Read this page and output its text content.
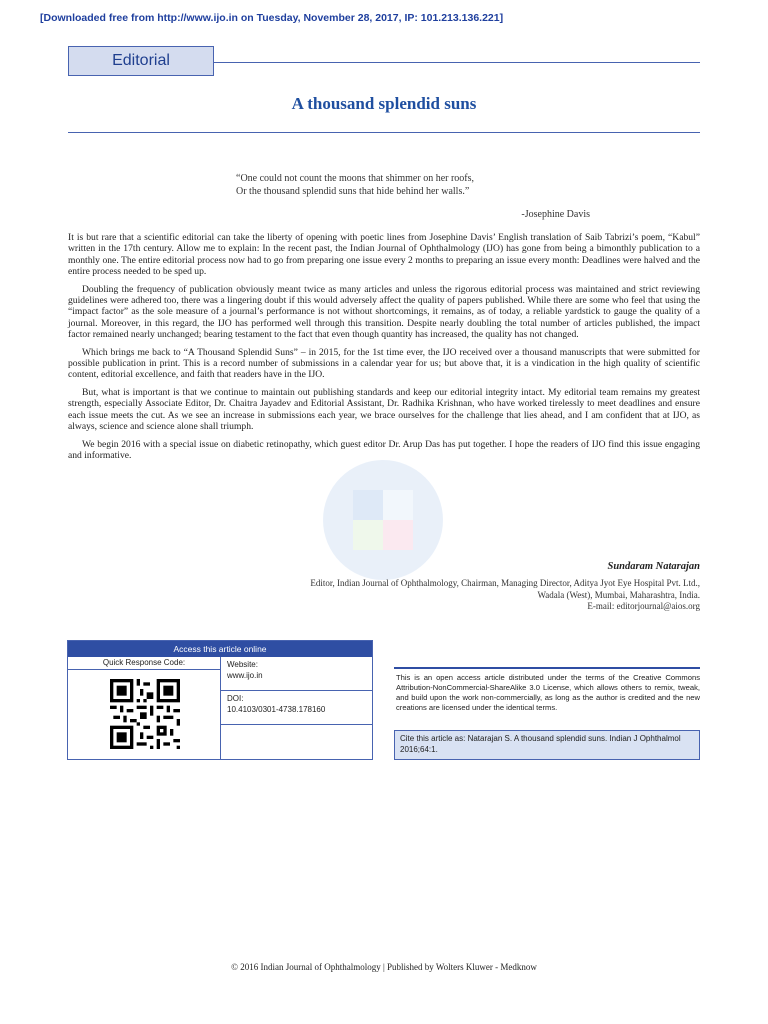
[Downloaded free from http://www.ijo.in on Tuesday, November 28, 2017, IP: 101.213.136.221]
Editorial
A thousand splendid suns
“One could not count the moons that shimmer on her roofs,
Or the thousand splendid suns that hide behind her walls.”
-Josephine Davis

It is but rare that a scientific editorial can take the liberty of opening with poetic lines from Josephine Davis’ English translation of Saib Tabrizi’s poem, “Kabul” written in the 17th century. Allow me to explain: In the recent past, the Indian Journal of Ophthalmology (IJO) has gone from being a bimonthly publication to a monthly one. The entire editorial process now had to go from preparing one issue every 2 months to preparing an issue every month: Deadlines were halved and the entire process needed to be sped up.

Doubling the frequency of publication obviously meant twice as many articles and unless the rigorous editorial process was maintained and strict reviewing guidelines were adhered too, there was a lingering doubt if this would adversely affect the quality of papers published. While there are some who feel that using the “impact factor” as the sole measure of a journal’s performance is not without shortcomings, it remains, as of today, a reliable yardstick to gauge the quality of a journal. Moreover, in this regard, the IJO has performed well through this transition. Despite nearly doubling the total number of articles published, the impact factor remained nearly unchanged; bearing testament to the fact that even though quantity has increased, the quality has not changed.

Which brings me back to “A Thousand Splendid Suns” – in 2015, for the 1st time ever, the IJO received over a thousand manuscripts that were submitted for possible publication in print. This is a record number of submissions in a calendar year for us; but above that, it is a vindication in the high quality of scientific content, editorial excellence, and faith that readers have in the IJO.

But, what is important is that we continue to maintain out publishing standards and keep our editorial integrity intact. My editorial team remains my greatest strength, especially Associate Editor, Dr. Chaitra Jayadev and Editorial Assistant, Dr. Radhika Krishnan, who have worked tirelessly to meet deadlines and ensure each issue meets the cut. As we see an increase in submissions each year, we brace ourselves for the challenge that lies ahead, and I am confident that at IJO, as always, science and science alone shall triumph.

We begin 2016 with a special issue on diabetic retinopathy, which guest editor Dr. Arup Das has put together. I hope the readers of IJO find this issue engaging and informative.

Sundaram Natarajan
Editor, Indian Journal of Ophthalmology, Chairman, Managing Director, Aditya Jyot Eye Hospital Pvt. Ltd.,
Wadala (West), Mumbai, Maharashtra, India.
E-mail: editorjournal@aios.org
Access this article online
Quick Response Code:	Website:
www.ijo.in
DOI:
10.4103/0301-4738.178160
This is an open access article distributed under the terms of the Creative Commons Attribution-NonCommercial-ShareAlike 3.0 License, which allows others to remix, tweak, and build upon the work non-commercially, as long as the author is credited and the new creations are licensed under the identical terms.
Cite this article as: Natarajan S. A thousand splendid suns. Indian J Ophthalmol 2016;64:1.
© 2016 Indian Journal of Ophthalmology | Published by Wolters Kluwer - Medknow
